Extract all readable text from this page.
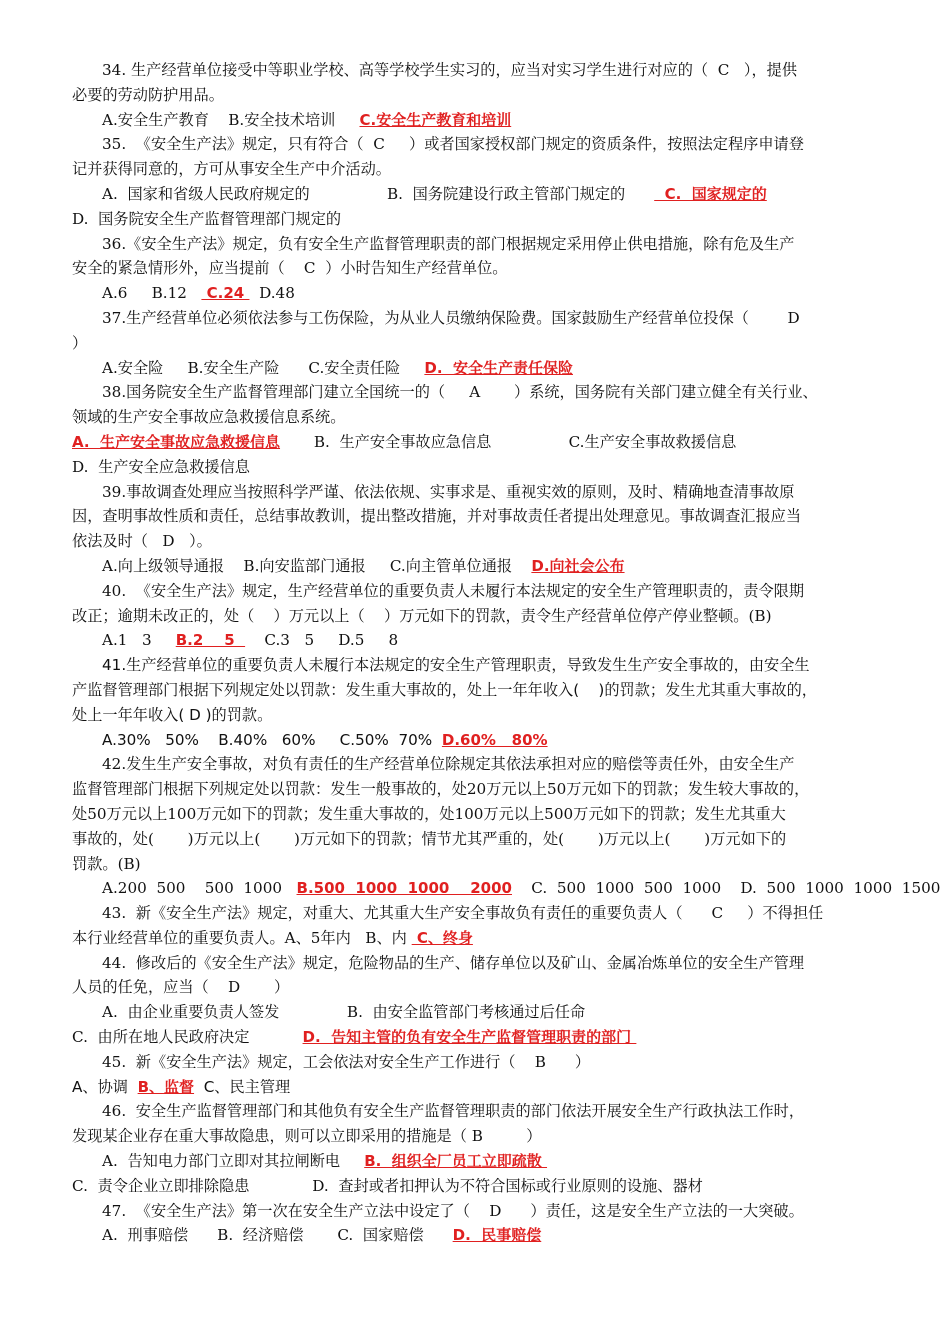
34. 生产经营单位接受中等职业学校、高等学校学生实习的，应当对实习学生进行对应的（  C   ），提供
必要的劳动防护用品。
A.安全生产教育    B.安全技术培训     C.安全生产教育和培训
35.  《安全生产法》规定，只有符合（  C     ）或者国家授权部门规定的资质条件，按照法定程序申请登
记并获得同意的，方可从事安全生产中介活动。
A.  国家和省级人民政府规定的                B.  国务院建设行政主管部门规定的        C.  国家规定的
D.  国务院安全生产监督管理部门规定的
36.《安全生产法》规定，负有安全生产监督管理职责的部门根据规定采用停止供电措施，除有危及生产
安全的紧急情形外，应当提前（    C  ）小时告知生产经营单位。
A.6     B.12    C.24   D.48
37.生产经营单位必须依法参与工伤保险，为从业人员缴纳保险费。国家鼓励生产经营单位投保（        D
）
A.安全险     B.安全生产险      C.安全责任险     D.  安全生产责任保险
38.国务院安全生产监督管理部门建立全国统一的（     A       ）系统，国务院有关部门建立健全有关行业、
领域的生产安全事故应急救援信息系统。
A.  生产安全事故应急救援信息       B.  生产安全事故应急信息                C.生产安全事故救援信息
D.  生产安全应急救援信息
39.事故调查处理应当按照科学严谨、依法依规、实事求是、重视实效的原则，及时、精确地查清事故原
因，查明事故性质和责任，总结事故教训，提出整改措施，并对事故责任者提出处理意见。事故调查汇报应当
依法及时（   D   ）。
A.向上级领导通报    B.向安监部门通报     C.向主管单位通报    D.向社会公布
40.  《安全生产法》规定，生产经营单位的重要负责人未履行本法规定的安全生产管理职责的，责令限期
改正；逾期未改正的，处（    ）万元以上（    ）万元如下的罚款，责令生产经营单位停产停业整顿。(B)
A.1   3     B.2    5      C.3   5     D.5     8
41.生产经营单位的重要负责人未履行本法规定的安全生产管理职责，导致发生生产安全事故的，由安全生
产监督管理部门根据下列规定处以罚款：发生重大事故的，处上一年年收入(    )的罚款；发生尤其重大事故的，
处上一年年收入( D )的罚款。
A.30%   50%    B.40%   60%     C.50%  70%  D.60%   80%
42.发生生产安全事故，对负有责任的生产经营单位除规定其依法承担对应的赔偿等责任外，由安全生产
监督管理部门根据下列规定处以罚款：发生一般事故的，处20万元以上50万元如下的罚款；发生较大事故的，
处50万元以上100万元如下的罚款；发生重大事故的，处100万元以上500万元如下的罚款；发生尤其重大
事故的，处(       )万元以上(       )万元如下的罚款；情节尤其严重的，处(       )万元以上(       )万元如下的
罚款。(B)
A.200  500    500  1000   B.500  1000  1000    2000    C.  500  1000  500  1000    D.  500  1000  1000  1500
43.  新《安全生产法》规定，对重大、尤其重大生产安全事故负有责任的重要负责人（      C     ）不得担任
本行业经营单位的重要负责人。A、5年内   B、内  C、终身
44.  修改后的《安全生产法》规定，危险物品的生产、储存单位以及矿山、金属冶炼单位的安全生产管理
人员的任免，应当（    D       ）
A.  由企业重要负责人签发              B.  由安全监管部门考核通过后任命
C.  由所在地人民政府决定           D.  告知主管的负有安全生产监督管理职责的部门
45.  新《安全生产法》规定，工会依法对安全生产工作进行（    B      ）
A、协调  B、监督  C、民主管理
46.  安全生产监督管理部门和其他负有安全生产监督管理职责的部门依法开展安全生产行政执法工作时，
发现某企业存在重大事故隐患，则可以立即采用的措施是（ B         ）
A.  告知电力部门立即对其拉闸断电     B.  组织全厂员工立即疏散
C.  责令企业立即排除隐患             D.  查封或者扣押认为不符合国标或行业原则的设施、器材
47.  《安全生产法》第一次在安全生产立法中设定了（    D      ）责任，这是安全生产立法的一大突破。
A.  刑事赔偿      B.  经济赔偿       C.  国家赔偿      D.  民事赔偿
